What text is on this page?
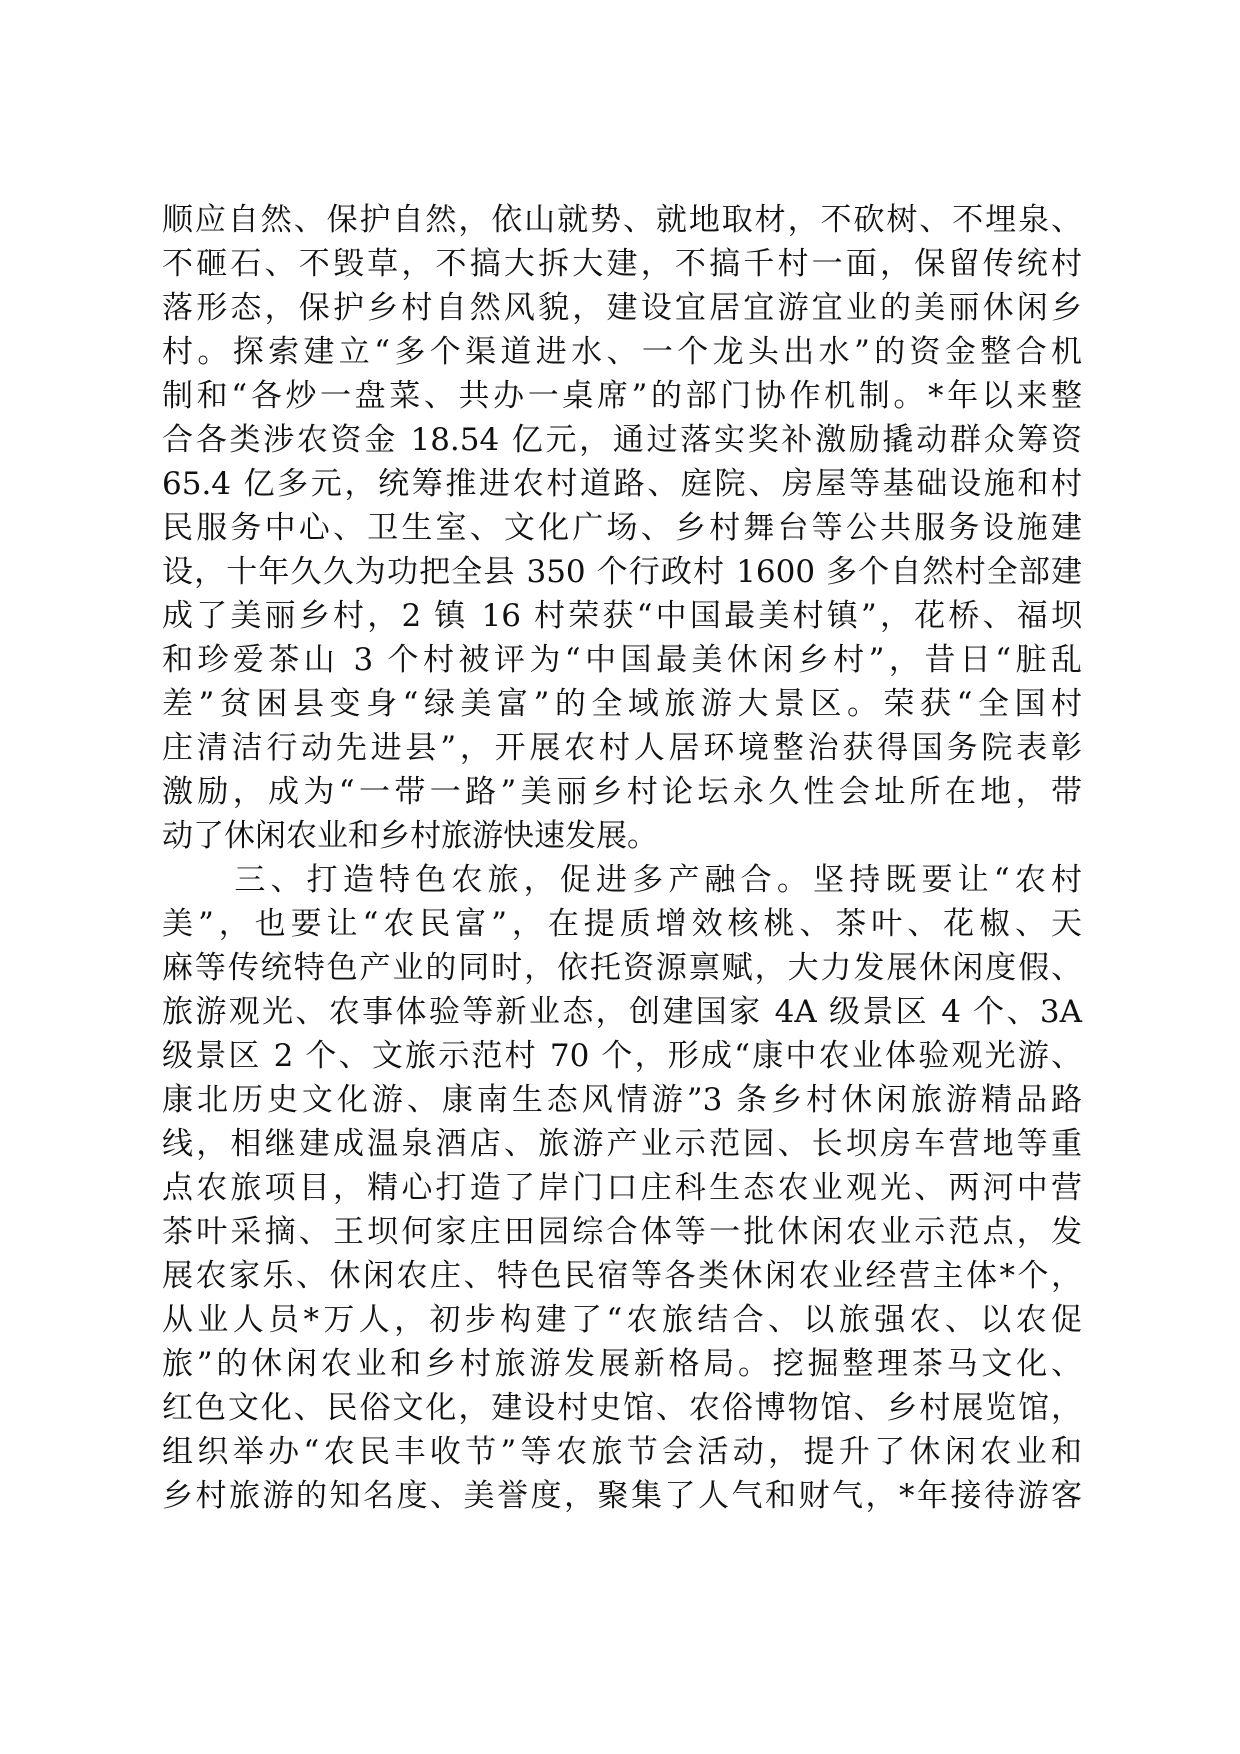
顺应自然、保护自然，依山就势、就地取材，不砍树、不埋泉、
不砸石、不毁草，不搞大拆大建，不搞千村一面，保留传统村
落形态，保护乡村自然风貌，建设宜居宜游宜业的美丽休闲乡
村。探索建立“多个渠道进水、一个龙头出水”的资金整合机
制和“各炒一盘菜、共办一桌席”的部门协作机制。*年以来整
合各类涉农资金 18.54 亿元，通过落实奖补激励撬动群众筹资
65.4 亿多元，统筹推进农村道路、庭院、房屋等基础设施和村
民服务中心、卫生室、文化广场、乡村舞台等公共服务设施建
设，十年久久为功把全县 350 个行政村 1600 多个自然村全部建
成了美丽乡村，2 镇 16 村荣获“中国最美村镇”，花桥、福坝
和珍爱茶山 3 个村被评为“中国最美休闲乡村”，昔日“脏乱
差”贫困县变身“绿美富”的全域旅游大景区。荣获“全国村
庄清洁行动先进县”，开展农村人居环境整治获得国务院表彰
激励，成为“一带一路”美丽乡村论坛永久性会址所在地，带
动了休闲农业和乡村旅游快速发展。
　　三、打造特色农旅，促进多产融合。坚持既要让“农村
美”，也要让“农民富”，在提质增效核桃、茶叶、花椒、天
麻等传统特色产业的同时，依托资源禀赋，大力发展休闲度假、
旅游观光、农事体验等新业态，创建国家 4A 级景区 4 个、3A
级景区 2 个、文旅示范村 70 个，形成“康中农业体验观光游、
康北历史文化游、康南生态风情游”3 条乡村休闲旅游精品路
线，相继建成温泉酒店、旅游产业示范园、长坝房车营地等重
点农旅项目，精心打造了岸门口庄科生态农业观光、两河中营
茶叶采摘、王坝何家庄田园综合体等一批休闲农业示范点，发
展农家乐、休闲农庄、特色民宿等各类休闲农业经营主体*个，
从业人员*万人，初步构建了“农旅结合、以旅强农、以农促
旅”的休闲农业和乡村旅游发展新格局。挖掘整理茶马文化、
红色文化、民俗文化，建设村史馆、农俗博物馆、乡村展览馆，
组织举办“农民丰收节”等农旅节会活动，提升了休闲农业和
乡村旅游的知名度、美誉度，聚集了人气和财气，*年接待游客
